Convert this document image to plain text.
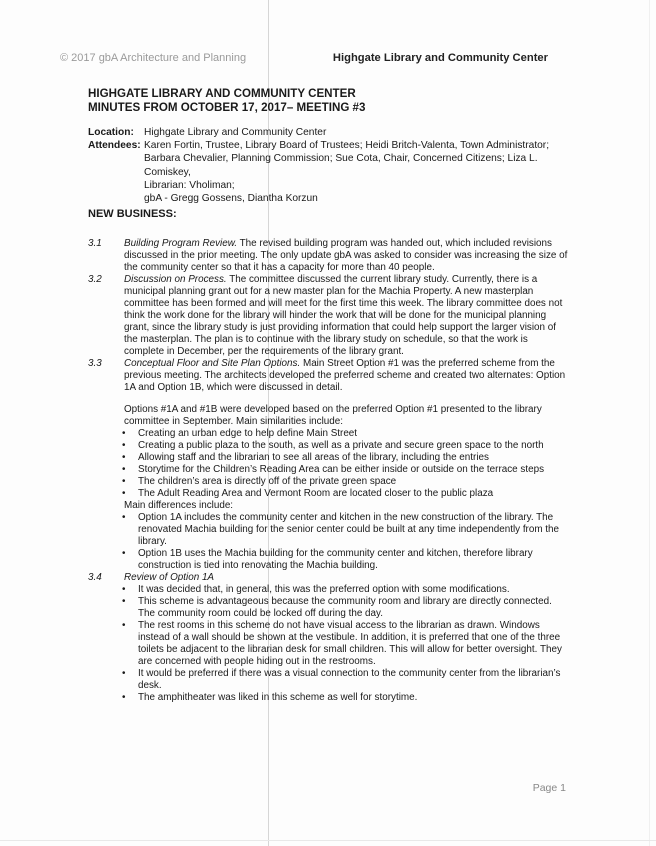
© 2017 gbA Architecture and Planning	Highgate Library and Community Center
HIGHGATE LIBRARY AND COMMUNITY CENTER
MINUTES FROM OCTOBER 17, 2017– MEETING #3
Location: Highgate Library and Community Center
Attendees: Karen Fortin, Trustee, Library Board of Trustees; Heidi Britch-Valenta, Town Administrator;
Barbara Chevalier, Planning Commission; Sue Cota, Chair, Concerned Citizens; Liza L. Comiskey,
Librarian: Vholiman;
gbA - Gregg Gossens, Diantha Korzun
NEW BUSINESS:
3.1 Building Program Review. The revised building program was handed out, which included revisions discussed in the prior meeting. The only update gbA was asked to consider was increasing the size of the community center so that it has a capacity for more than 40 people.
3.2 Discussion on Process. The committee discussed the current library study. Currently, there is a municipal planning grant out for a new master plan for the Machia Property. A new masterplan committee has been formed and will meet for the first time this week. The library committee does not think the work done for the library will hinder the work that will be done for the municipal planning grant, since the library study is just providing information that could help support the larger vision of the masterplan. The plan is to continue with the library study on schedule, so that the work is complete in December, per the requirements of the library grant.
3.3 Conceptual Floor and Site Plan Options. Main Street Option #1 was the preferred scheme from the previous meeting. The architects developed the preferred scheme and created two alternates: Option 1A and Option 1B, which were discussed in detail.
Options #1A and #1B were developed based on the preferred Option #1 presented to the library committee in September. Main similarities include:
• Creating an urban edge to help define Main Street
• Creating a public plaza to the south, as well as a private and secure green space to the north
• Allowing staff and the librarian to see all areas of the library, including the entries
• Storytime for the Children’s Reading Area can be either inside or outside on the terrace steps
• The children’s area is directly off of the private green space
• The Adult Reading Area and Vermont Room are located closer to the public plaza
Main differences include:
• Option 1A includes the community center and kitchen in the new construction of the library. The renovated Machia building for the senior center could be built at any time independently from the library.
• Option 1B uses the Machia building for the community center and kitchen, therefore library construction is tied into renovating the Machia building.
3.4 Review of Option 1A
• It was decided that, in general, this was the preferred option with some modifications.
• This scheme is advantageous because the community room and library are directly connected. The community room could be locked off during the day.
• The rest rooms in this scheme do not have visual access to the librarian as drawn. Windows instead of a wall should be shown at the vestibule. In addition, it is preferred that one of the three toilets be adjacent to the librarian desk for small children. This will allow for better oversight. They are concerned with people hiding out in the restrooms.
• It would be preferred if there was a visual connection to the community center from the librarian’s desk.
• The amphitheater was liked in this scheme as well for storytime.
Page 1
